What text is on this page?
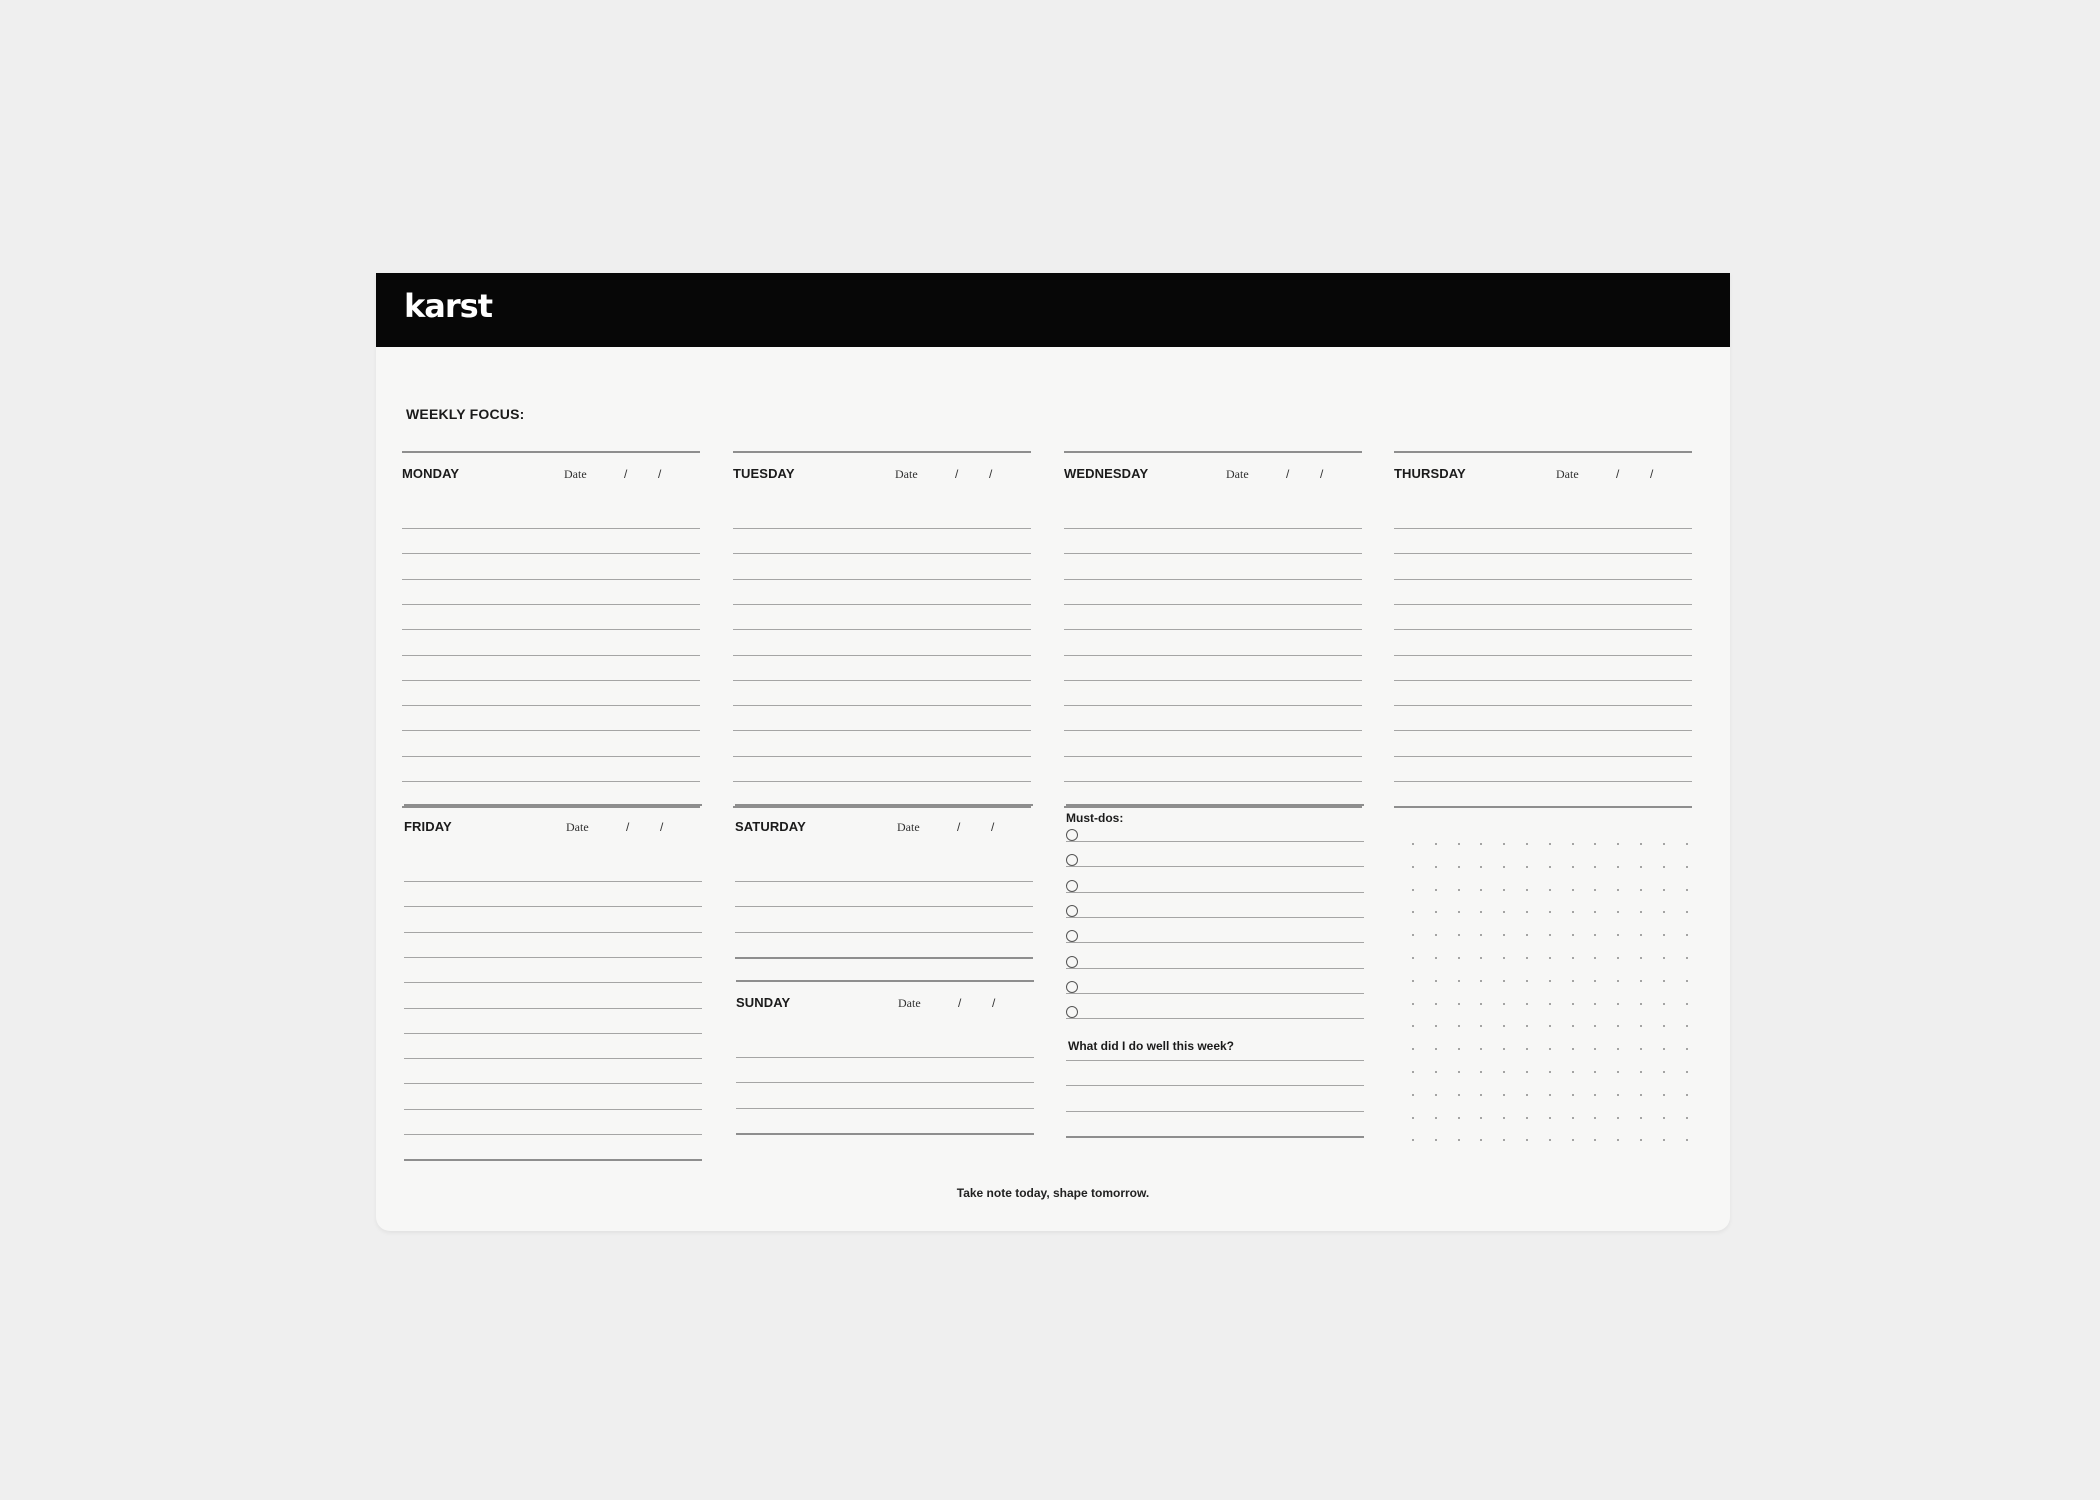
karst
WEEKLY FOCUS:
MONDAY	Date	/	/	TUESDAY	Date	/	/	WEDNESDAY	Date	/	/	THURSDAY	Date	/	/
FRIDAY	Date	/	/	SATURDAY	Date	/	/
SUNDAY	Date	/	/
Must-dos:
What did I do well this week?
Take note today, shape tomorrow.
